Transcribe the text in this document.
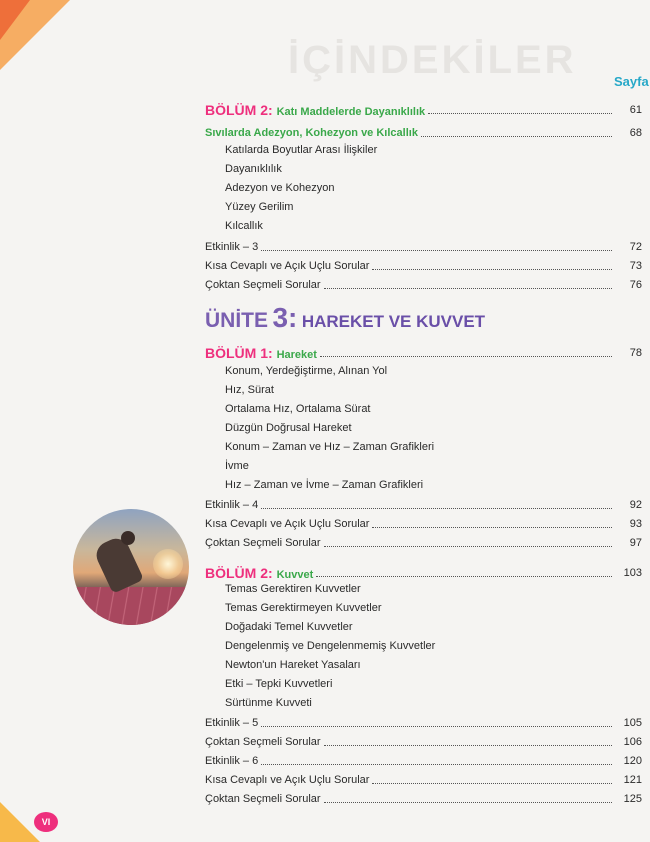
İÇİNDEKİLER	Sayfa
ÜNİTE 3: HAREKET VE KUVVET
BÖLÜM 2: Katı Maddelerde Dayanıklılık	61
Sıvılarda Adezyon, Kohezyon ve Kılcallık	68
Katılarda Boyutlar Arası İlişkiler
Dayanıklılık
Adezyon ve Kohezyon
Yüzey Gerilim
Kılcallık
Etkinlik – 3	72
Kısa Cevaplı ve Açık Uçlu Sorular	73
Çoktan Seçmeli Sorular	76
BÖLÜM 1: Hareket	78
Konum, Yerdeğiştirme, Alınan Yol
Hız, Sürat
Ortalama Hız, Ortalama Sürat
Düzgün Doğrusal Hareket
Konum – Zaman ve Hız – Zaman Grafikleri
İvme
Hız – Zaman ve İvme – Zaman Grafikleri
Etkinlik – 4	92
Kısa Cevaplı ve Açık Uçlu Sorular	93
Çoktan Seçmeli Sorular	97
BÖLÜM 2: Kuvvet	103
Temas Gerektiren Kuvvetler
Temas Gerektirmeyen Kuvvetler
Doğadaki Temel Kuvvetler
Dengelenmiş ve Dengelenmemiş Kuvvetler
Newton'un Hareket Yasaları
Etki – Tepki Kuvvetleri
Sürtünme Kuvveti
Etkinlik – 5	105
Çoktan Seçmeli Sorular	106
Etkinlik – 6	120
Kısa Cevaplı ve Açık Uçlu Sorular	121
Çoktan Seçmeli Sorular	125
VI
